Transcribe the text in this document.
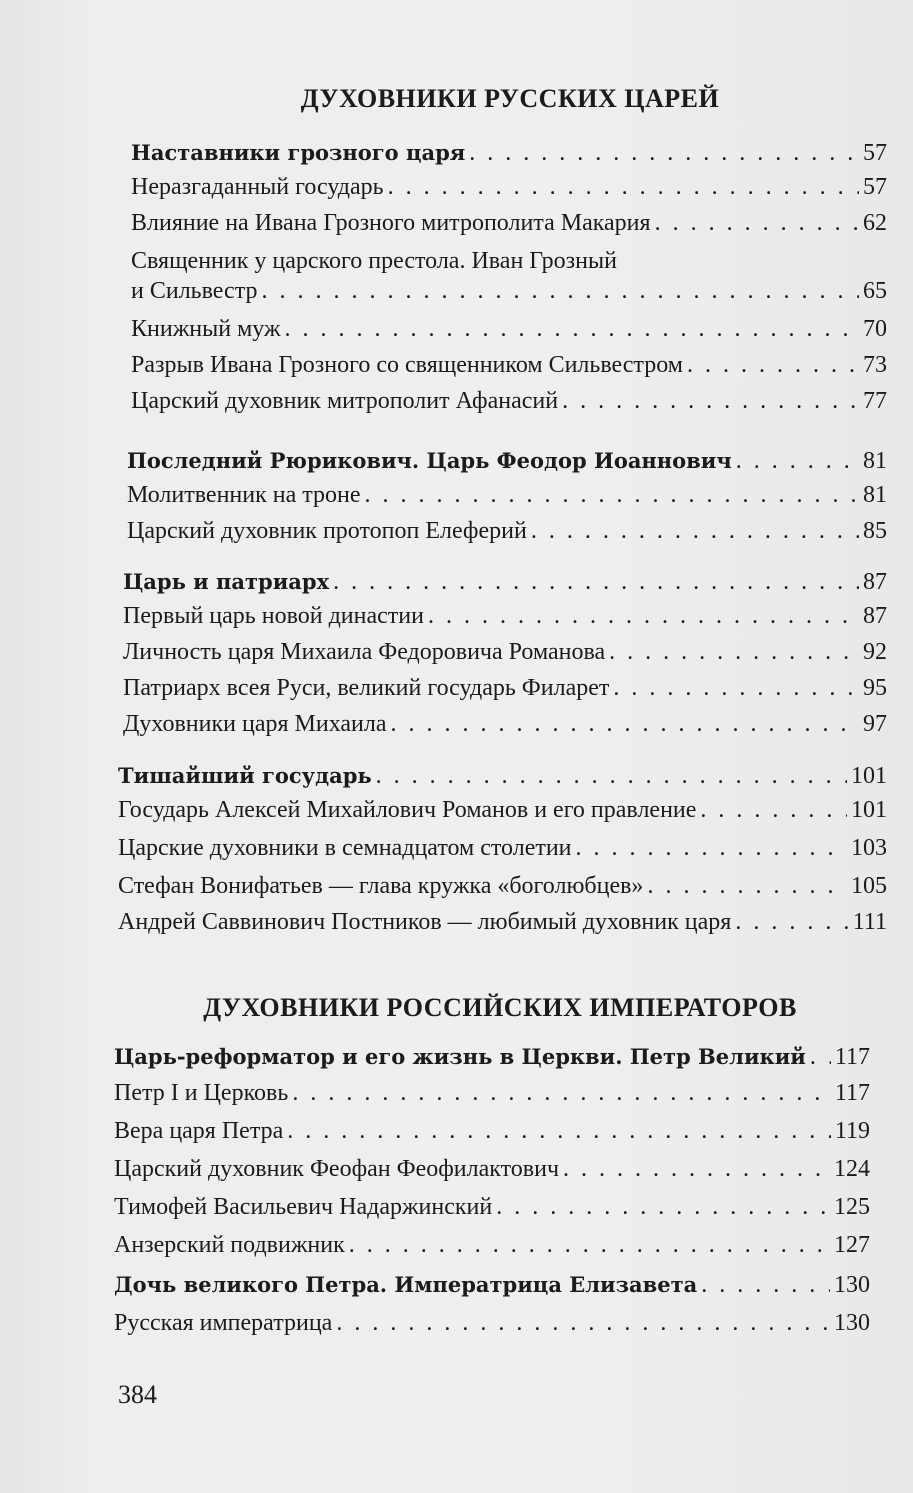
ДУХОВНИКИ РУССКИХ ЦАРЕЙ
Наставники грозного царя . . .	57
Неразгаданный государь . . .	57
Влияние на Ивана Грозного митрополита Макария . . .	62
Священник у царского престола. Иван Грозный
и Сильвестр . . .	65
Книжный муж . . .	70
Разрыв Ивана Грозного со священником Сильвестром . . .	73
Царский духовник митрополит Афанасий . . .	77
Последний Рюрикович. Царь Феодор Иоаннович . . .	81
Молитвенник на троне . . .	81
Царский духовник протопоп Елеферий . . .	85
Царь и патриарх . . .	87
Первый царь новой династии . . .	87
Личность царя Михаила Федоровича Романова . . .	92
Патриарх всея Руси, великий государь Филарет . . .	95
Духовники царя Михаила . . .	97
Тишайший государь . . .	101
Государь Алексей Михайлович Романов и его правление . . .	101
Царские духовники в семнадцатом столетии . . .	103
Стефан Вонифатьев — глава кружка «боголюбцев» . . .	105
Андрей Саввинович Постников — любимый духовник царя . . .	111
ДУХОВНИКИ РОССИЙСКИХ ИМПЕРАТОРОВ
Царь-реформатор и его жизнь в Церкви. Петр Великий . . . 117
Петр I и Церковь . . .	117
Вера царя Петра . . .	119
Царский духовник Феофан Феофилактович . . .	124
Тимофей Васильевич Надаржинский . . .	125
Анзерский подвижник . . .	127
Дочь великого Петра. Императрица Елизавета . . .	130
Русская императрица . . .	130
384
